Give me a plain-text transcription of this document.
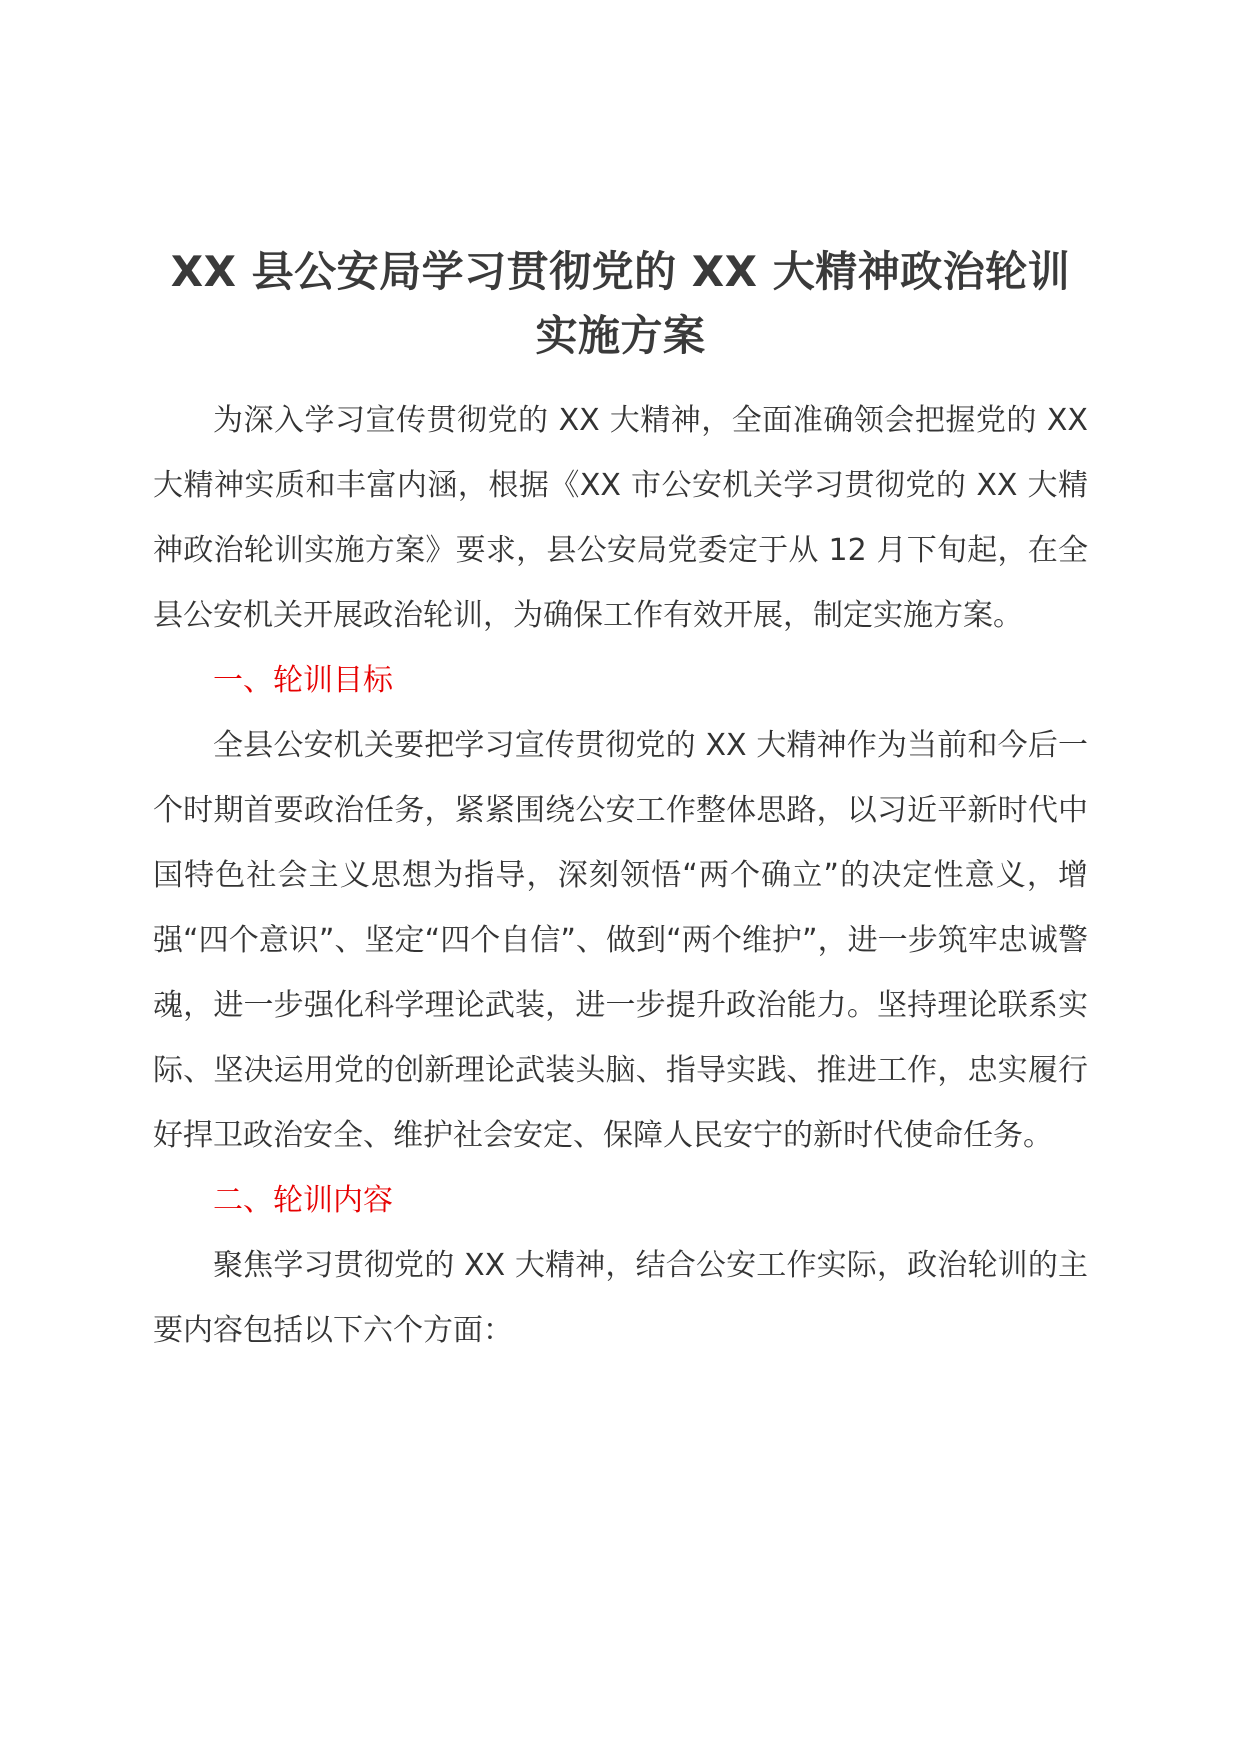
XX 县公安局学习贯彻党的 XX 大精神政治轮训实施方案

为深入学习宣传贯彻党的 XX 大精神，全面准确领会把握党的 XX 大精神实质和丰富内涵，根据《XX 市公安机关学习贯彻党的 XX 大精神政治轮训实施方案》要求，县公安局党委定于从 12 月下旬起，在全县公安机关开展政治轮训，为确保工作有效开展，制定实施方案。

一、轮训目标

全县公安机关要把学习宣传贯彻党的 XX 大精神作为当前和今后一个时期首要政治任务，紧紧围绕公安工作整体思路，以习近平新时代中国特色社会主义思想为指导，深刻领悟“两个确立”的决定性意义，增强“四个意识”、坚定“四个自信”、做到“两个维护”，进一步筑牢忠诚警魂，进一步强化科学理论武装，进一步提升政治能力。坚持理论联系实际、坚决运用党的创新理论武装头脑、指导实践、推进工作，忠实履行好捍卫政治安全、维护社会安定、保障人民安宁的新时代使命任务。

二、轮训内容

聚焦学习贯彻党的 XX 大精神，结合公安工作实际，政治轮训的主要内容包括以下六个方面：
